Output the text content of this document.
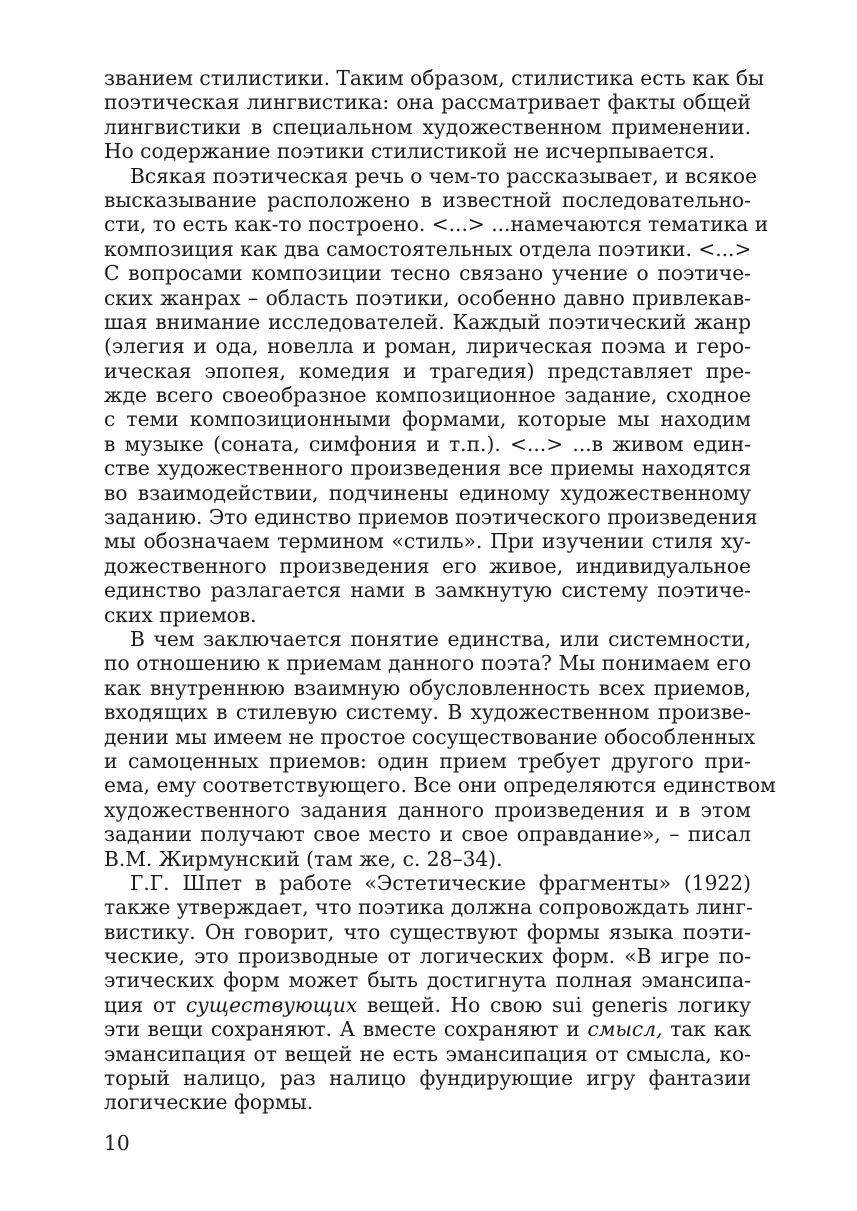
званием стилистики. Таким образом, стилистика есть как бы
поэтическая лингвистика: она рассматривает факты общей
лингвистики в специальном художественном применении.
Но содержание поэтики стилистикой не исчерпывается.
Всякая поэтическая речь о чем-то рассказывает, и всякое
высказывание расположено в известной последовательно-
сти, то есть как-то построено. <...> ...намечаются тематика и
композиция как два самостоятельных отдела поэтики. <...>
С вопросами композиции тесно связано учение о поэтиче-
ских жанрах – область поэтики, особенно давно привлекав-
шая внимание исследователей. Каждый поэтический жанр
(элегия и ода, новелла и роман, лирическая поэма и геро-
ическая эпопея, комедия и трагедия) представляет пре-
жде всего своеобразное композиционное задание, сходное
с теми композиционными формами, которые мы находим
в музыке (соната, симфония и т.п.). <...> ...в живом един-
стве художественного произведения все приемы находятся
во взаимодействии, подчинены единому художественному
заданию. Это единство приемов поэтического произведения
мы обозначаем термином «стиль». При изучении стиля ху-
дожественного произведения его живое, индивидуальное
единство разлагается нами в замкнутую систему поэтиче-
ских приемов.
В чем заключается понятие единства, или системности,
по отношению к приемам данного поэта? Мы понимаем его
как внутреннюю взаимную обусловленность всех приемов,
входящих в стилевую систему. В художественном произве-
дении мы имеем не простое сосуществование обособленных
и самоценных приемов: один прием требует другого при-
ема, ему соответствующего. Все они определяются единством
художественного задания данного произведения и в этом
задании получают свое место и свое оправдание», – писал
В.М. Жирмунский (там же, с. 28–34).
Г.Г. Шпет в работе «Эстетические фрагменты» (1922)
также утверждает, что поэтика должна сопровождать линг-
вистику. Он говорит, что существуют формы языка поэти-
ческие, это производные от логических форм. «В игре по-
этических форм может быть достигнута полная эмансипа-
ция от существующих вещей. Но свою sui generis логику
эти вещи сохраняют. А вместе сохраняют и смысл, так как
эмансипация от вещей не есть эмансипация от смысла, ко-
торый налицо, раз налицо фундирующие игру фантазии
логические формы.
10
